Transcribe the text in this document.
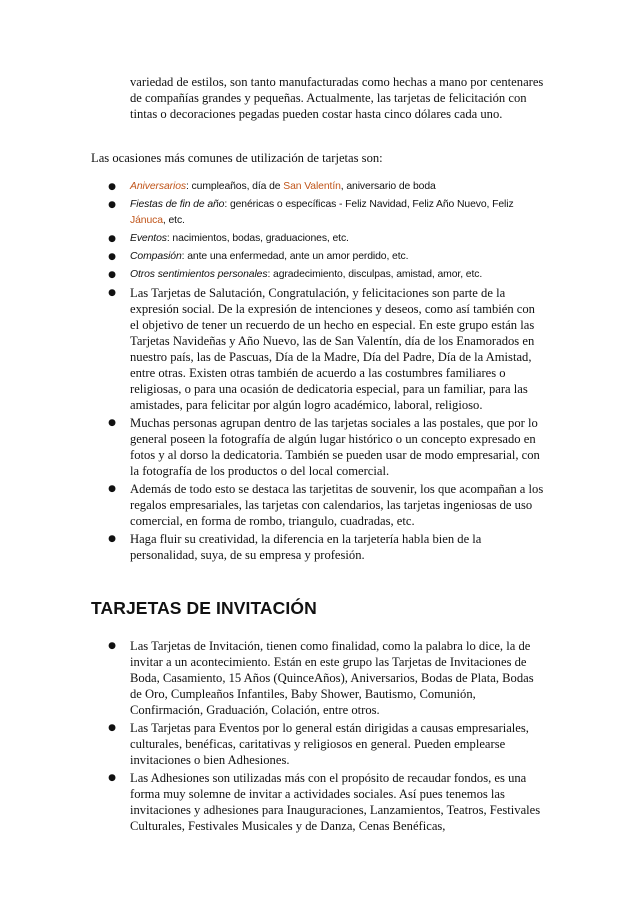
variedad de estilos, son tanto manufacturadas como hechas a mano por centenares de compañías grandes y pequeñas. Actualmente, las tarjetas de felicitación con tintas o decoraciones pegadas pueden costar hasta cinco dólares cada uno.

Las ocasiones más comunes de utilización de tarjetas son:

● Aniversarios: cumpleaños, día de San Valentín, aniversario de boda
● Fiestas de fin de año: genéricas o específicas - Feliz Navidad, Feliz Año Nuevo, Feliz Jánuca, etc.
● Eventos: nacimientos, bodas, graduaciones, etc.
● Compasión: ante una enfermedad, ante un amor perdido, etc.
● Otros sentimientos personales: agradecimiento, disculpas, amistad, amor, etc.
● Las Tarjetas de Salutación, Congratulación, y felicitaciones son parte de la expresión social. De la expresión de intenciones y deseos, como así también con el objetivo de tener un recuerdo de un hecho en especial. En este grupo están las Tarjetas Navideñas y Año Nuevo, las de San Valentín, día de los Enamorados en nuestro país, las de Pascuas, Día de la Madre, Día del Padre, Día de la Amistad, entre otras. Existen otras también de acuerdo a las costumbres familiares o religiosas, o para una ocasión de dedicatoria especial, para un familiar, para las amistades, para felicitar por algún logro académico, laboral, religioso.
● Muchas personas agrupan dentro de las tarjetas sociales a las postales, que por lo general poseen la fotografía de algún lugar histórico o un concepto expresado en fotos y al dorso la dedicatoria. También se pueden usar de modo empresarial, con la fotografía de los productos o del local comercial.
● Además de todo esto se destaca las tarjetitas de souvenir, los que acompañan a los regalos empresariales, las tarjetas con calendarios, las tarjetas ingeniosas de uso comercial, en forma de rombo, triangulo, cuadradas, etc.
● Haga fluir su creatividad, la diferencia en la tarjetería habla bien de la personalidad, suya, de su empresa y profesión.
TARJETAS DE INVITACIÓN
● Las Tarjetas de Invitación, tienen como finalidad, como la palabra lo dice, la de invitar a un acontecimiento. Están en este grupo las Tarjetas de Invitaciones de Boda, Casamiento, 15 Años (QuinceAños), Aniversarios, Bodas de Plata, Bodas de Oro, Cumpleaños Infantiles, Baby Shower, Bautismo, Comunión, Confirmación, Graduación, Colación, entre otros.
● Las Tarjetas para Eventos por lo general están dirigidas a causas empresariales, culturales, benéficas, caritativas y religiosos en general. Pueden emplearse invitaciones o bien Adhesiones.
● Las Adhesiones son utilizadas más con el propósito de recaudar fondos, es una forma muy solemne de invitar a actividades sociales. Así pues tenemos las invitaciones y adhesiones para Inauguraciones, Lanzamientos, Teatros, Festivales Culturales, Festivales Musicales y de Danza, Cenas Benéficas,
